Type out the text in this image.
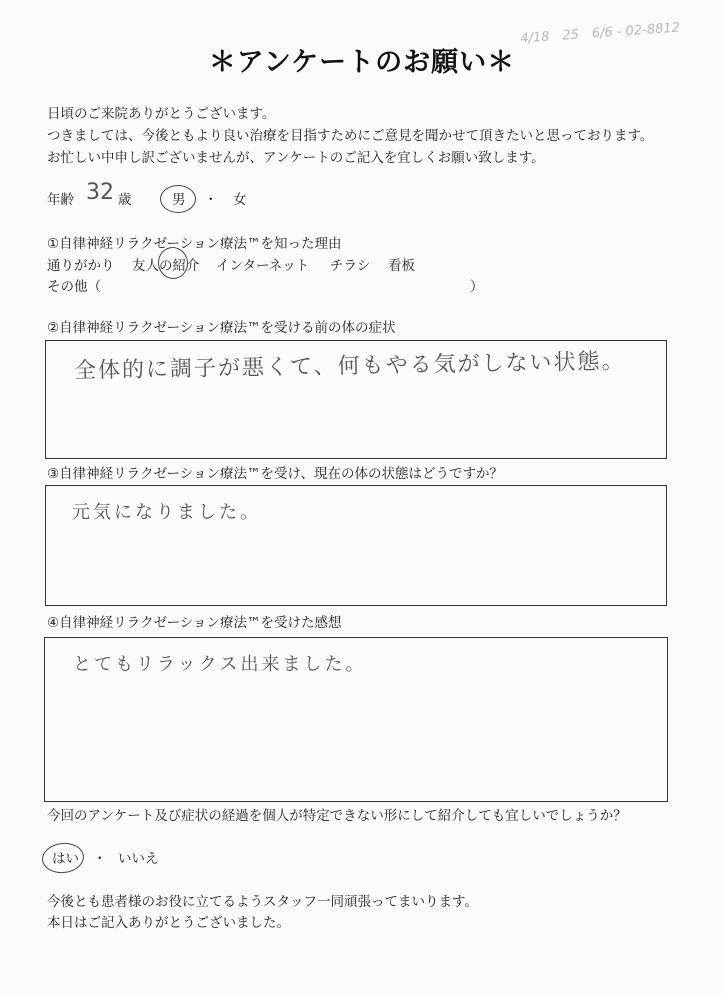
4/18　25　6/6 - 02-8812
＊アンケートのお願い＊
日頃のご来院ありがとうございます。
つきましては、今後ともより良い治療を目指すためにご意見を聞かせて頂きたいと思っております。
お忙しい中申し訳ございませんが、アンケートのご記入を宜しくお願い致します。
年齢 32 歳	男 ・ 女
①自律神経リラクゼーション療法™を知った理由
通りがかり 友人の紹介 インターネット チラシ 看板
その他（	）
②自律神経リラクゼーション療法™を受ける前の体の症状
全体的に調子が悪くて、何もやる気がしない状態。
③自律神経リラクゼーション療法™を受け、現在の体の状態はどうですか？
元気になりました。
④自律神経リラクゼーション療法™を受けた感想
とてもリラックス出来ました。
今回のアンケート及び症状の経過を個人が特定できない形にして紹介しても宜しいでしょうか？
はい ・ いいえ
今後とも患者様のお役に立てるようスタッフ一同頑張ってまいります。
本日はご記入ありがとうございました。
